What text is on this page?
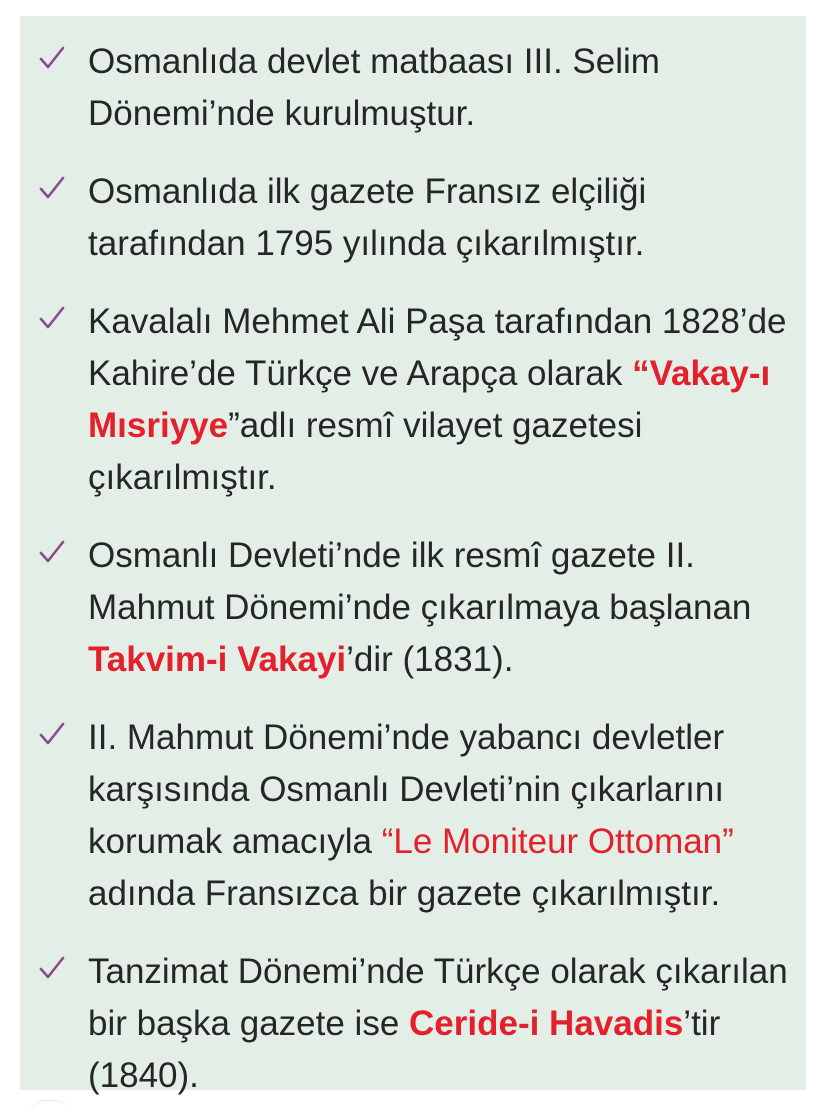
Osmanlıda devlet matbaası III. Selim Dönemi’nde kurulmuştur.
Osmanlıda ilk gazete Fransız elçiliği tarafından 1795 yılında çıkarılmıştır.
Kavalalı Mehmet Ali Paşa tarafından 1828’de Kahire’de Türkçe ve Arapça olarak “Vakay-ı Mısriyye”adlı resmî vilayet gazetesi çıkarılmıştır.
Osmanlı Devleti’nde ilk resmî gazete II. Mahmut Dönemi’nde çıkarılmaya başlanan Takvim-i Vakayi’dir (1831).
II. Mahmut Dönemi’nde yabancı devletler karşısında Osmanlı Devleti’nin çıkarlarını korumak amacıyla “Le Moniteur Ottoman” adında Fransızca bir gazete çıkarılmıştır.
Tanzimat Dönemi’nde Türkçe olarak çıkarılan bir başka gazete ise Ceride-i Havadis’tir (1840).
